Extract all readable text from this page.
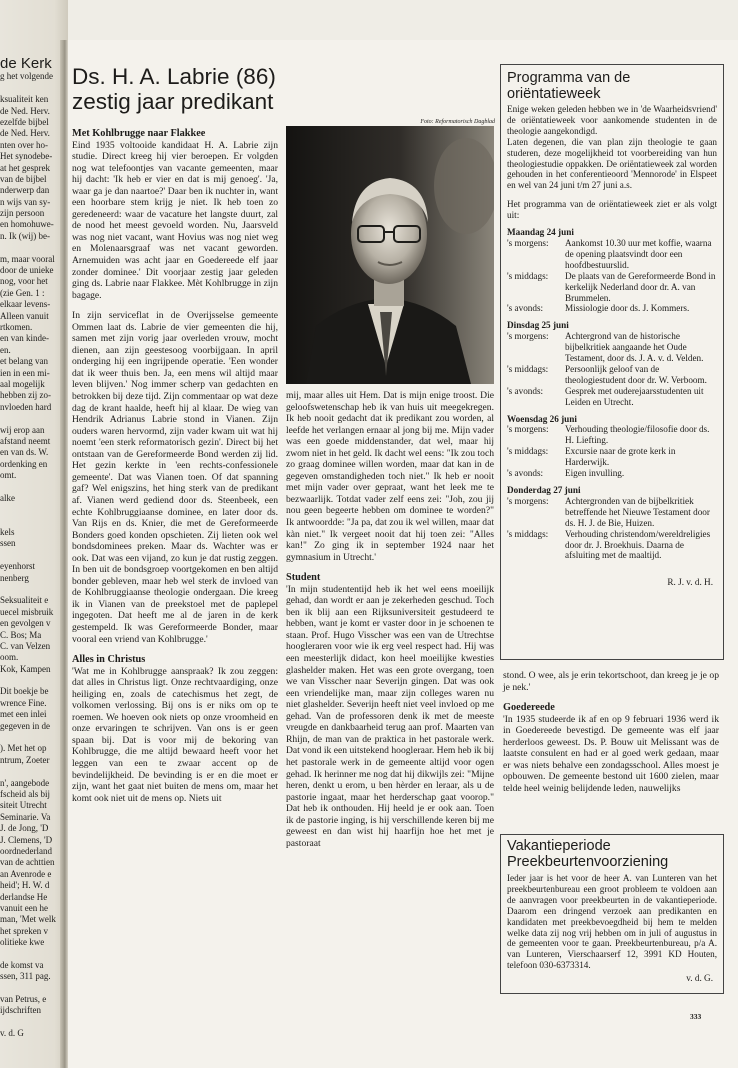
de Kerk
g het volgende
ksualiteit ken
de Ned. Herv.
ezelfde bijbel
de Ned. Herv.
nten over ho-
Het synodebe-
at het gesprek
van de bijbel
nderwerp dan
n wijs van sy-
zijn persoon
en homohuwe-
n. Ik (wij) be-
m, maar vooral
door de unieke
nog, voor het
(zie Gen. 1 :
elkaar levens-
Alleen vanuit
rtkomen.
en van kinde-
en.
et belang van
ien in een mi-
aal mogelijk
hebben zij zo-
nvloeden hard
wij erop aan
afstand neemt
en van ds. W.
ordenking en
omt.
alke
kels
ssen
eyenhorst
nenberg
Seksualiteit e
uecel misbruik
en gevolgen v
C. Bos; Ma
C. van Velzen
oom.
Kok, Kampen
Dit boekje be
wrence Fine.
met een inlei
gegeven in de
). Met het op
ntrum, Zoeter
n', aangebode
fscheid als bij
siteit Utrecht
Seminarie. Va
J. de Jong, 'D
J. Clemens, 'D
oordnederland
van de achttien
an Avenrode e
heid'; H. W. d
derlandse He
vanuit een he
man, 'Met welk
het spreken v
olitieke kwe
de komst va
ssen, 311 pag.
van Petrus, e
ijdschriften
v. d. G
Ds. H. A. Labrie (86)
zestig jaar predikant
Foto: Reformatorisch Dagblad
Met Kohlbrugge naar Flakkee

Eind 1935 voltooide kandidaat H. A. Labrie zijn studie. Direct kreeg hij vier beroepen. Er volgden nog wat telefoontjes van vacante gemeenten, maar hij dacht: 'Ik heb er vier en dat is mij genoeg'. 'Ja, waar ga je dan naartoe?' Daar ben ik nuchter in, want een hoorbare stem krijg je niet. Ik heb toen zo geredeneerd: waar de vacature het langste duurt, zal de nood het meest gevoeld worden. Nu, Jaarsveld was nog niet vacant, want Hovius was nog niet weg en Molenaarsgraaf was net vacant geworden. Arnemuiden was acht jaar en Goedereede elf jaar zonder dominee.' Dit voorjaar zestig jaar geleden ging ds. Labrie naar Flakkee. Mèt Kohlbrugge in zijn bagage.

In zijn serviceflat in de Overijsselse gemeente Ommen laat ds. Labrie de vier gemeenten die hij, samen met zijn vorig jaar overleden vrouw, mocht dienen, aan zijn geestesoog voorbijgaan. In april onderging hij een ingrijpende operatie. 'Een wonder dat ik weer thuis ben. Ja, een mens wil altijd maar leven blijven.' Nog immer scherp van gedachten en betrokken bij deze tijd. Zijn commentaar op wat deze dag de krant haalde, heeft hij al klaar. De wieg van Hendrik Adrianus Labrie stond in Vianen. Zijn ouders waren hervormd, zijn vader kwam uit wat hij noemt 'een sterk reformatorisch gezin'. Direct bij het ontstaan van de Gereformeerde Bond werden zij lid. Het gezin kerkte in 'een rechts-confessionele gemeente'. Dat was Vianen toen. Of dat spanning gaf? Wel enigszins, het hing sterk van de predikant af. Vianen werd gediend door ds. Steenbeek, een echte Kohlbruggiaanse dominee, en later door ds. Van Rijs en ds. Knier, die met de Gereformeerde Bonders goed konden opschieten. Zij lieten ook wel bondsdominees preken. Maar ds. Wachter was er ook. Dat was een vijand, zo kun je dat rustig zeggen. In ben uit de bondsgroep voortgekomen en ben altijd bonder gebleven, maar heb wel sterk de invloed van de Kohlbruggiaanse theologie ondergaan. Die kreeg ik in Vianen van de preekstoel met de paplepel ingegoten. Dat heeft me al de jaren in de kerk gestempeld. Ik was Gereformeerde Bonder, maar vooral een vriend van Kohlbrugge.'

Alles in Christus

'Wat me in Kohlbrugge aanspraak? Ik zou zeggen: dat alles in Christus ligt. Onze rechtvaardiging, onze heiliging en, zoals de catechismus het zegt, de volkomen verlossing. Bij ons is er niks om op te roemen. We hoeven ook niets op onze vroomheid en onze ervaringen te schrijven. Van ons is er geen spaan bij. Dat is voor mij de bekoring van Kohlbrugge, die me altijd bewaard heeft voor het leggen van een te zwaar accent op de bevindelijkheid. De bevinding is er en die moet er zijn, want het gaat niet buiten de mens om, maar het komt ook niet uit de mens op. Niets uit

mij, maar alles uit Hem. Dat is mijn enige troost. Die geloofswetenschap heb ik van huis uit meegekregen. Ik heb nooit gedacht dat ik predikant zou worden, al leefde het verlangen ernaar al jong bij me. Mijn vader was een goede middenstander, dat wel, maar hij zwom niet in het geld. Ik dacht wel eens: "Ik zou toch zo graag dominee willen worden, maar dat kan in de gegeven omstandigheden toch niet." Ik heb er nooit met mijn vader over gepraat, want het leek me te bezwaarlijk. Totdat vader zelf eens zei: "Joh, zou jij nou geen begeerte hebben om dominee te worden?" Ik antwoordde: "Ja pa, dat zou ik wel willen, maar dat kàn niet." Ik vergeet nooit dat hij toen zei: "Alles kan!" Zo ging ik in september 1924 naar het gymnasium in Utrecht.'

Student

'In mijn studententijd heb ik het wel eens moeilijk gehad, dan wordt er aan je zekerheden geschud. Toch ben ik blij aan een Rijksuniversiteit gestudeerd te hebben, want je komt er vaster door in je schoenen te staan. Prof. Hugo Visscher was een van de Utrechtse hoogleraren voor wie ik erg veel respect had. Hij was een meesterlijk didact, kon heel moeilijke kwesties glashelder maken. Het was een grote overgang, toen we van Visscher naar Severijn gingen. Dat was ook een vriendelijke man, maar zijn colleges waren nu niet glashelder. Severijn heeft niet veel invloed op me gehad. Van de professoren denk ik met de meeste vreugde en dankbaarheid terug aan prof. Maarten van Rhijn, de man van de praktica in het pastorale werk. Dat vond ik een uitstekend hoogleraar. Hem heb ik bij het pastorale werk in de gemeente altijd voor ogen gehad. Ik herinner me nog dat hij dikwijls zei: "Mijne heren, denkt u erom, u ben hèrder en leraar, als u de pastorie ingaat, maar het herderschap gaat voorop." Dat heb ik onthouden. Hij heeld je er ook aan. Toen ik de pastorie inging, is hij verschillende keren bij me geweest en dan wist hij haarfijn hoe het met je pastoraat

stond. O wee, als je erin tekortschoot, dan kreeg je je op je nek.'

Goedereede

'In 1935 studeerde ik af en op 9 februari 1936 werd ik in Goedereede bevestigd. De gemeente was elf jaar herderloos geweest. Ds. P. Bouw uit Melissant was de laatste consulent en had er al goed werk gedaan, maar er was niets behalve een zondagsschool. Alles moest je opbouwen. De gemeente bestond uit 1600 zielen, maar telde heel weinig belijdende leden, nauwelijks

Programma van de
oriëntatieweek
Enige weken geleden hebben we in 'de Waarheidsvriend' de oriëntatieweek voor aankomende studenten in de theologie aangekondigd.
Laten degenen, die van plan zijn theologie te gaan studeren, deze mogelijkheid tot voorbereiding van hun theologiestudie oppakken. De oriëntatieweek zal worden gehouden in het conferentieoord 'Mennorode' in Elspeet en wel van 24 juni t/m 27 juni a.s.
Het programma van de oriëntatieweek ziet er als volgt uit:
Maandag 24 juni
's morgens:	Aankomst 10.30 uur met koffie, waarna de opening plaatsvindt door een hoofdbestuurslid.
's middags:	De plaats van de Gereformeerde Bond in kerkelijk Nederland door dr. A. van Brummelen.
's avonds:	Missiologie door ds. J. Kommers.
Dinsdag 25 juni
's morgens:	Achtergrond van de historische bijbelkritiek aangaande het Oude Testament, door ds. J. A. v. d. Velden.
's middags:	Persoonlijk geloof van de theologiestudent door dr. W. Verboom.
's avonds:	Gesprek met ouderejaarsstudenten uit Leiden en Utrecht.
Woensdag 26 juni
's morgens:	Verhouding theologie/filosofie door ds. H. Liefting.
's middags:	Excursie naar de grote kerk in Harderwijk.
's avonds:	Eigen invulling.
Donderdag 27 juni
's morgens:	Achtergronden van de bijbelkritiek betreffende het Nieuwe Testament door ds. H. J. de Bie, Huizen.
's middags:	Verhouding christendom/wereldreligies door dr. J. Broekhuis. Daarna de afsluiting met de maaltijd.
R. J. v. d. H.
Vakantieperiode
Preekbeurtenvoorziening
Ieder jaar is het voor de heer A. van Lunteren van het preekbeurtenbureau een groot probleem te voldoen aan de aanvragen voor preekbeurten in de vakantieperiode. Daarom een dringend verzoek aan predikanten en kandidaten met preekbevoegdheid bij hem te melden welke data zij nog vrij hebben om in juli of augustus in de gemeenten voor te gaan. Preekbeurtenbureau, p/a A. van Lunteren, Vierschaarserf 12, 3991 KD Houten, telefoon 030-6373314.
v. d. G.
333
